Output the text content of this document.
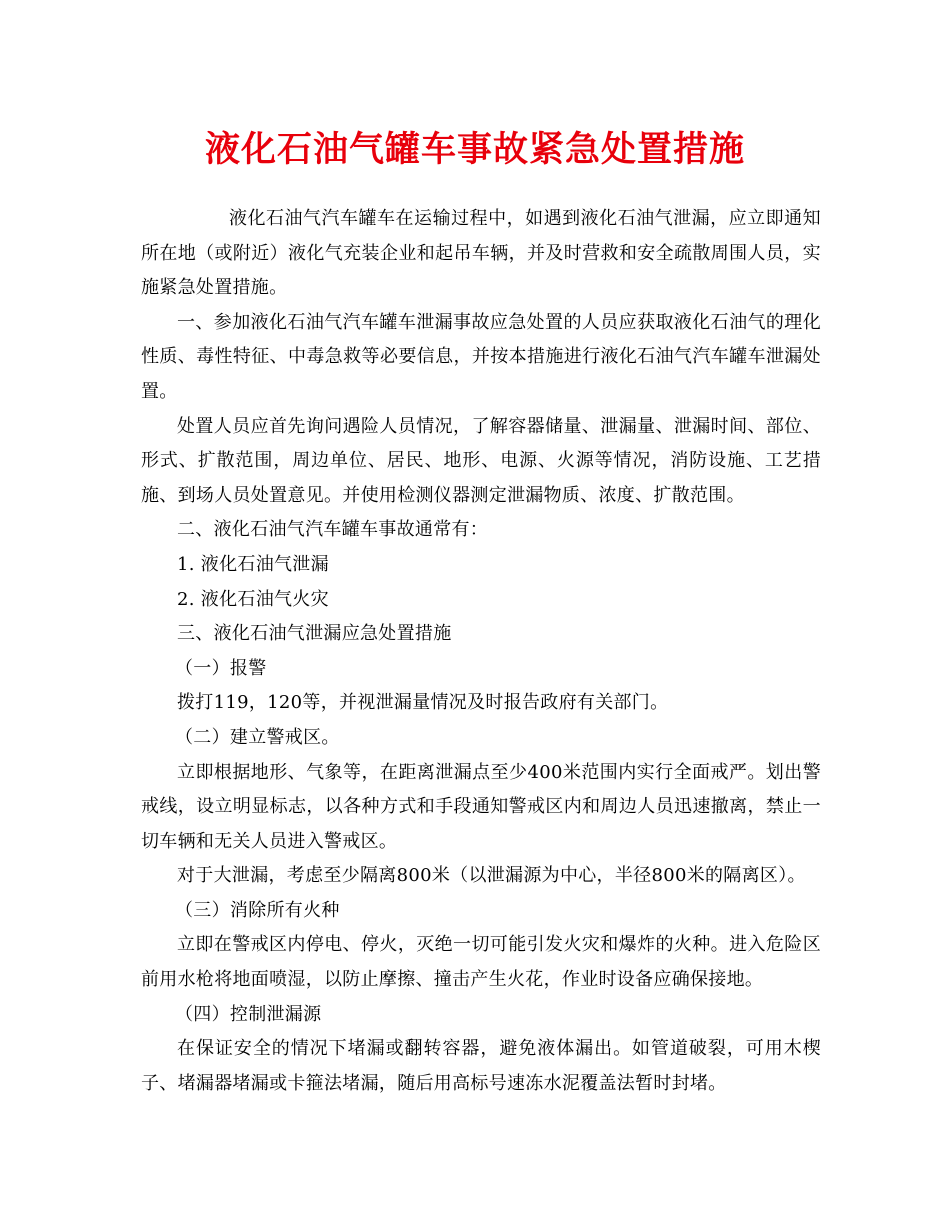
液化石油气罐车事故紧急处置措施

液化石油气汽车罐车在运输过程中，如遇到液化石油气泄漏，应立即通知所在地（或附近）液化气充装企业和起吊车辆，并及时营救和安全疏散周围人员，实施紧急处置措施。

一、参加液化石油气汽车罐车泄漏事故应急处置的人员应获取液化石油气的理化性质、毒性特征、中毒急救等必要信息，并按本措施进行液化石油气汽车罐车泄漏处置。

处置人员应首先询问遇险人员情况，了解容器储量、泄漏量、泄漏时间、部位、形式、扩散范围，周边单位、居民、地形、电源、火源等情况，消防设施、工艺措施、到场人员处置意见。并使用检测仪器测定泄漏物质、浓度、扩散范围。

二、液化石油气汽车罐车事故通常有：

1. 液化石油气泄漏

2. 液化石油气火灾

三、液化石油气泄漏应急处置措施

（一）报警

拨打119，120等，并视泄漏量情况及时报告政府有关部门。

（二）建立警戒区。

立即根据地形、气象等，在距离泄漏点至少400米范围内实行全面戒严。划出警戒线，设立明显标志，以各种方式和手段通知警戒区内和周边人员迅速撤离，禁止一切车辆和无关人员进入警戒区。

对于大泄漏，考虑至少隔离800米（以泄漏源为中心，半径800米的隔离区）。

（三）消除所有火种

立即在警戒区内停电、停火，灭绝一切可能引发火灾和爆炸的火种。进入危险区前用水枪将地面喷湿，以防止摩擦、撞击产生火花，作业时设备应确保接地。

（四）控制泄漏源

在保证安全的情况下堵漏或翻转容器，避免液体漏出。如管道破裂，可用木楔子、堵漏器堵漏或卡箍法堵漏，随后用高标号速冻水泥覆盖法暂时封堵。
